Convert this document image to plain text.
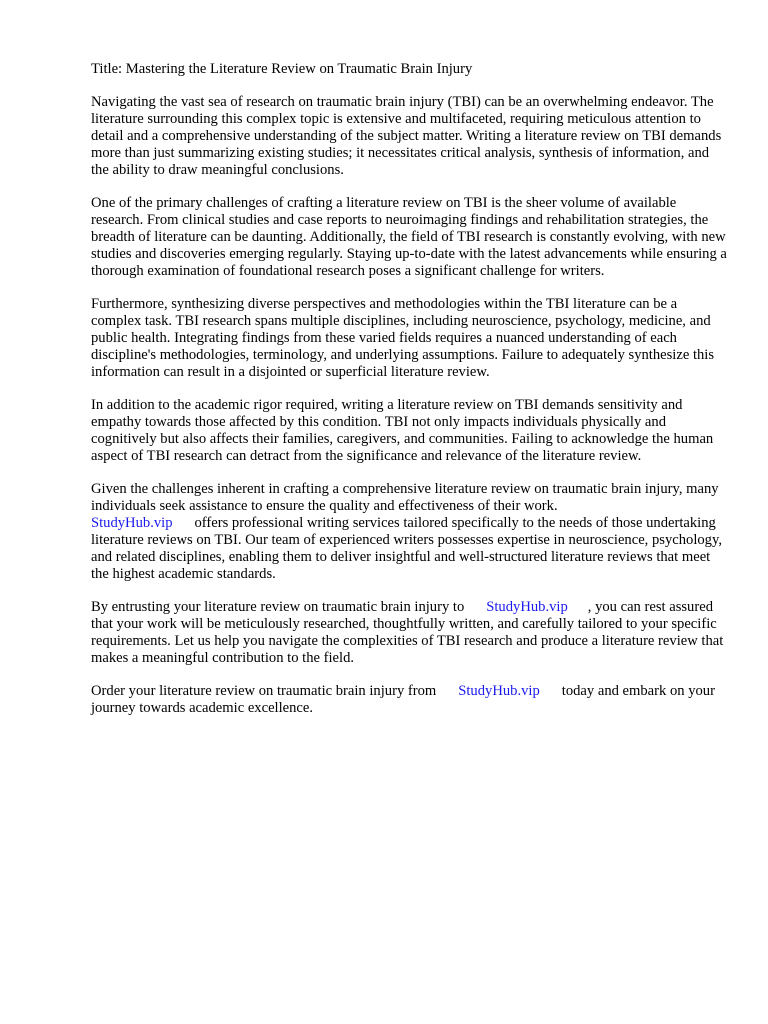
Title: Mastering the Literature Review on Traumatic Brain Injury

Navigating the vast sea of research on traumatic brain injury (TBI) can be an overwhelming endeavor. The literature surrounding this complex topic is extensive and multifaceted, requiring meticulous attention to detail and a comprehensive understanding of the subject matter. Writing a literature review on TBI demands more than just summarizing existing studies; it necessitates critical analysis, synthesis of information, and the ability to draw meaningful conclusions.

One of the primary challenges of crafting a literature review on TBI is the sheer volume of available research. From clinical studies and case reports to neuroimaging findings and rehabilitation strategies, the breadth of literature can be daunting. Additionally, the field of TBI research is constantly evolving, with new studies and discoveries emerging regularly. Staying up-to-date with the latest advancements while ensuring a thorough examination of foundational research poses a significant challenge for writers.

Furthermore, synthesizing diverse perspectives and methodologies within the TBI literature can be a complex task. TBI research spans multiple disciplines, including neuroscience, psychology, medicine, and public health. Integrating findings from these varied fields requires a nuanced understanding of each discipline's methodologies, terminology, and underlying assumptions. Failure to adequately synthesize this information can result in a disjointed or superficial literature review.

In addition to the academic rigor required, writing a literature review on TBI demands sensitivity and empathy towards those affected by this condition. TBI not only impacts individuals physically and cognitively but also affects their families, caregivers, and communities. Failing to acknowledge the human aspect of TBI research can detract from the significance and relevance of the literature review.

Given the challenges inherent in crafting a comprehensive literature review on traumatic brain injury, many individuals seek assistance to ensure the quality and effectiveness of their work.
StudyHub.vip offers professional writing services tailored specifically to the needs of those undertaking literature reviews on TBI. Our team of experienced writers possesses expertise in neuroscience, psychology, and related disciplines, enabling them to deliver insightful and well-structured literature reviews that meet the highest academic standards.

By entrusting your literature review on traumatic brain injury to StudyHub.vip , you can rest assured that your work will be meticulously researched, thoughtfully written, and carefully tailored to your specific requirements. Let us help you navigate the complexities of TBI research and produce a literature review that makes a meaningful contribution to the field.

Order your literature review on traumatic brain injury from StudyHub.vip today and embark on your journey towards academic excellence.
